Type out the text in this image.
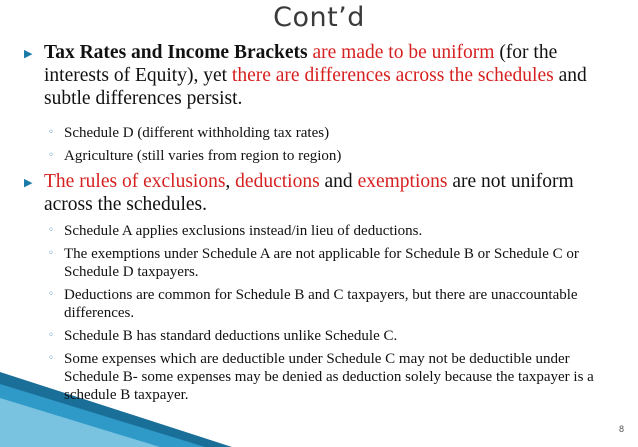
Cont’d
▶ Tax Rates and Income Brackets are made to be uniform (for the interests of Equity), yet there are differences across the schedules and subtle differences persist.
◦ Schedule D (different withholding tax rates)
◦ Agriculture (still varies from region to region)
▶ The rules of exclusions, deductions and exemptions are not uniform across the schedules.
◦ Schedule A applies exclusions instead/in lieu of deductions.
◦ The exemptions under Schedule A are not applicable for Schedule B or Schedule C or Schedule D taxpayers.
◦ Deductions are common for Schedule B and C taxpayers, but there are unaccountable differences.
◦ Schedule B has standard deductions unlike Schedule C.
◦ Some expenses which are deductible under Schedule C may not be deductible under Schedule B- some expenses may be denied as deduction solely because the taxpayer is a schedule B taxpayer.
8
